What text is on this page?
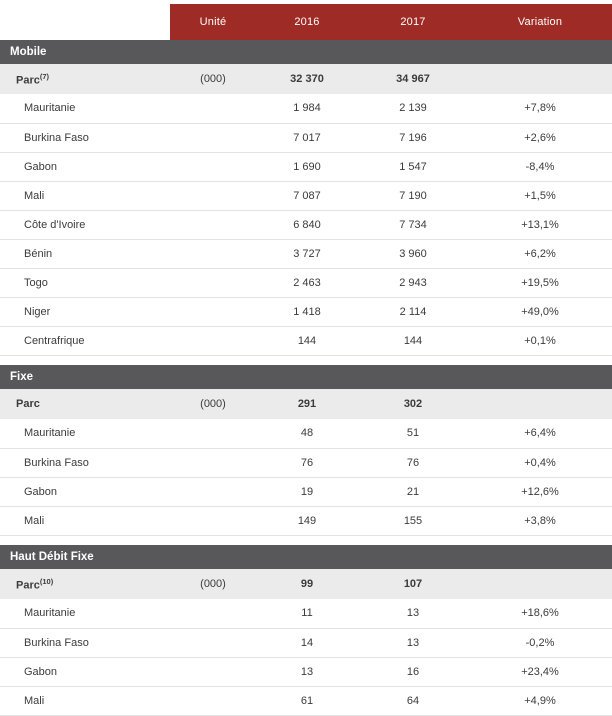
	Unité	2016	2017	Variation
Mobile				
Parc$^{(7)}$	(000)	32 370	34 967	
Mauritanie		1 984	2 139	+7,8%
Burkina Faso		7 017	7 196	+2,6%
Gabon		1 690	1 547	-8,4%
Mali		7 087	7 190	+1,5%
Côte d'Ivoire		6 840	7 734	+13,1%
Bénin		3 727	3 960	+6,2%
Togo		2 463	2 943	+19,5%
Niger		1 418	2 114	+49,0%
Centrafrique		144	144	+0,1%

Fixe				
Parc	(000)	291	302	
Mauritanie		48	51	+6,4%
Burkina Faso		76	76	+0,4%
Gabon		19	21	+12,6%
Mali		149	155	+3,8%

Haut Débit Fixe				
Parc$^{(10)}$	(000)	99	107	
Mauritanie		11	13	+18,6%
Burkina Faso		14	13	-0,2%
Gabon		13	16	+23,4%
Mali		61	64	+4,9%
